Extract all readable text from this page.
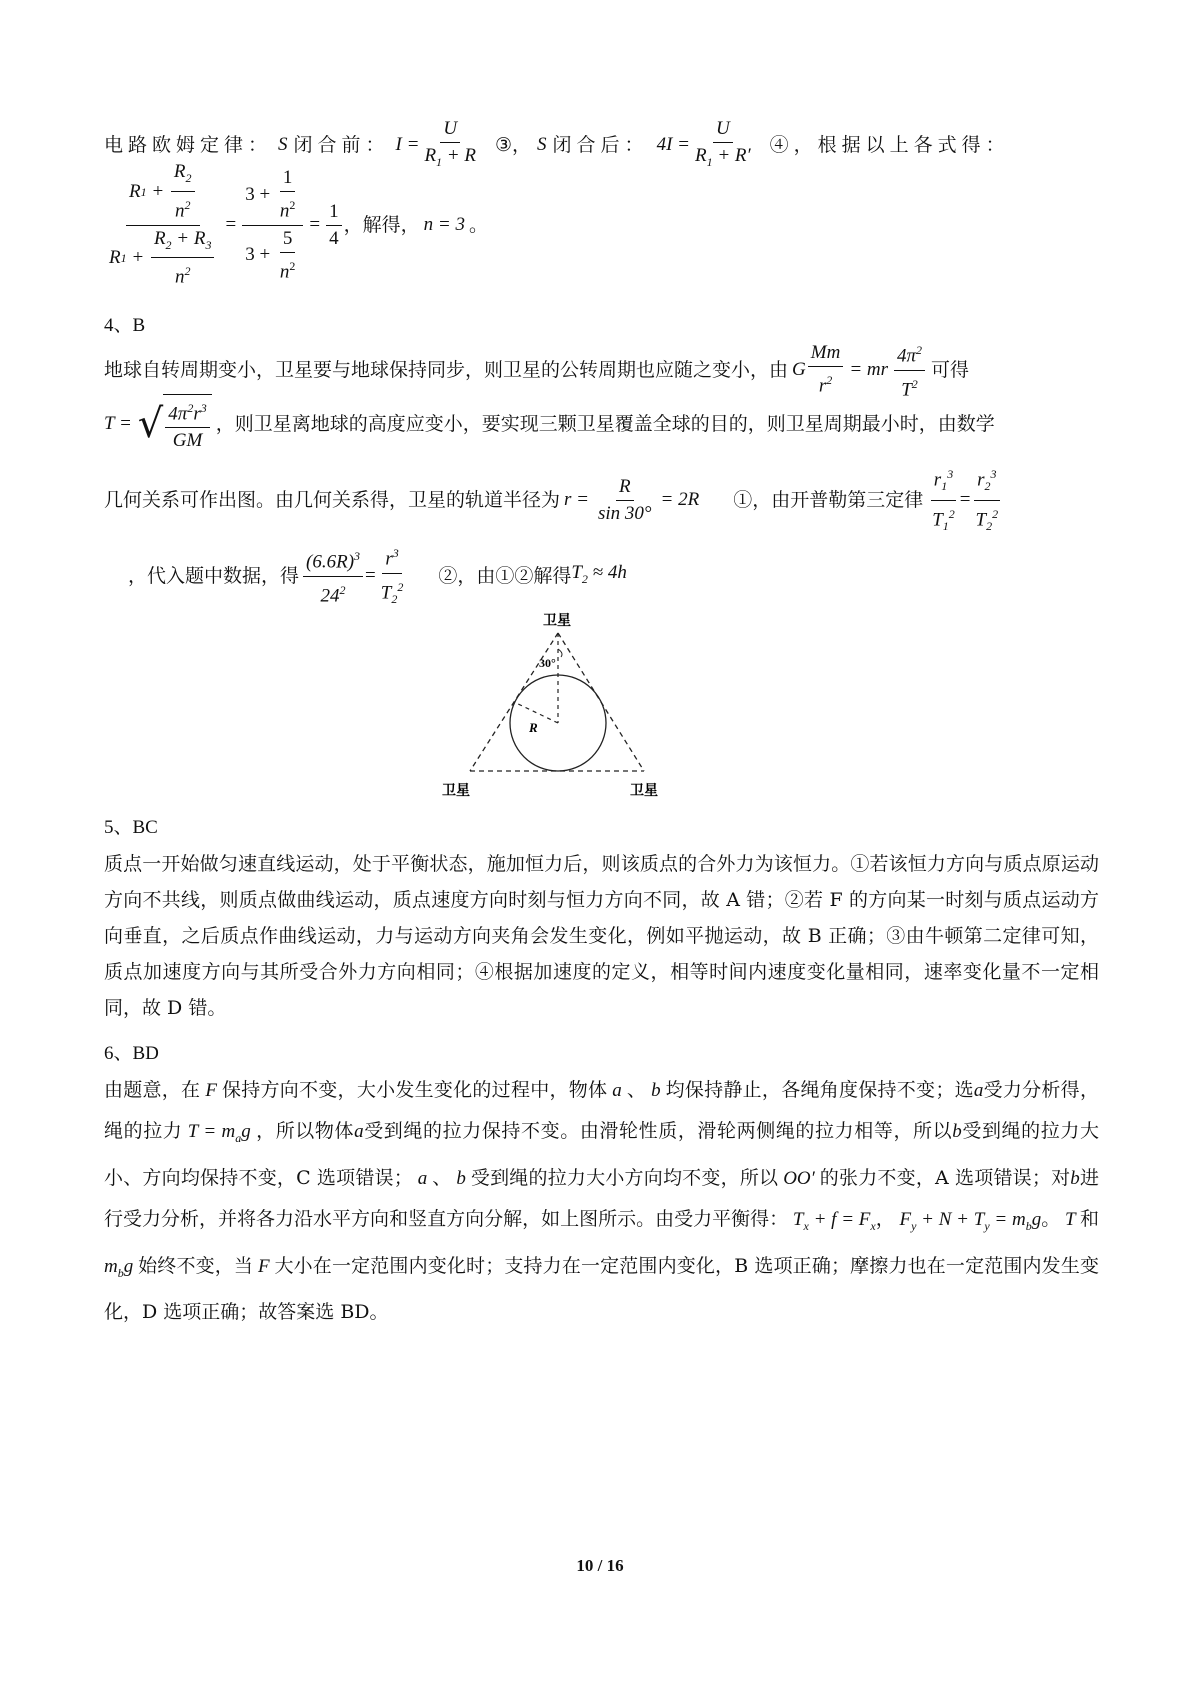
电路欧姆定律： S 闭合前： $I = \frac{U}{R_1 + R}$ ③ ， S 闭合后： $4I = \frac{U}{R_1 + R'}$ ④，根据以上各式得：
$\frac{R 1 + \frac{R_2}{n^2}}{R 1 + \frac{R_2 + R_3}{n^2}} = \frac{3 + \frac{1}{n^2}}{3 + \frac{5}{n^2}} = \frac{1}{4}$ ，解得， n = 3 。
4、B
地球自转周期变小，卫星要与地球保持同步，则卫星的公转周期也应随之变小，由 G $\frac{Mm}{r^2}$ = mr $\frac{4\pi^2}{T^2}$ 可得
T = √ $\frac{4\pi^2r^3}{GM}$ ，则卫星离地球的高度应变小，要实现三颗卫星覆盖全球的目的，则卫星周期最小时，由数学
几何关系可作出图。由几何关系得，卫星的轨道半径为 $r = \frac{R}{\sin 30^\circ} = 2R$ ①，由开普勒第三定律 $\frac{r_1^3}{T_1^2} = \frac{r_2^3}{T_2^2}$
，代入题中数据，得 $\frac{(6.6R)^3}{24^2} = \frac{r^3}{T_2^2}$ ②，由①②解得 $T_2 \approx 4h$
卫星
30°
R
卫星	卫星
5、BC
质点一开始做匀速直线运动，处于平衡状态，施加恒力后，则该质点的合外力为该恒力。①若该恒力方向与质点原运动方向不共线，则质点做曲线运动，质点速度方向时刻与恒力方向不同，故 A 错；②若 F 的方向某一时刻与质点运动方向垂直，之后质点作曲线运动，力与运动方向夹角会发生变化，例如平抛运动，故 B 正确；③由牛顿第二定律可知，质点加速度方向与其所受合外力方向相同；④根据加速度的定义，相等时间内速度变化量相同，速率变化量不一定相同，故 D 错。
6、BD
由题意，在 F 保持方向不变，大小发生变化的过程中，物体 a 、 b 均保持静止，各绳角度保持不变；选a受力分析得，绳的拉力 $T = m_ag$ ，所以物体a受到绳的拉力保持不变。由滑轮性质，滑轮两侧绳的拉力相等，所以b受到绳的拉力大小、方向均保持不变，C 选项错误； a 、 b 受到绳的拉力大小方向均不变，所以 OO′ 的张力不变，A 选项错误；对b进行受力分析，并将各力沿水平方向和竖直方向分解，如上图所示。由受力平衡得： $T_x + f = F_x$， $F_y + N + T_y = m_bg$。 T 和 $m_bg$ 始终不变，当 F 大小在一定范围内变化时；支持力在一定范围内变化，B 选项正确；摩擦力也在一定范围内发生变化，D 选项正确；故答案选 BD。
10 / 16
